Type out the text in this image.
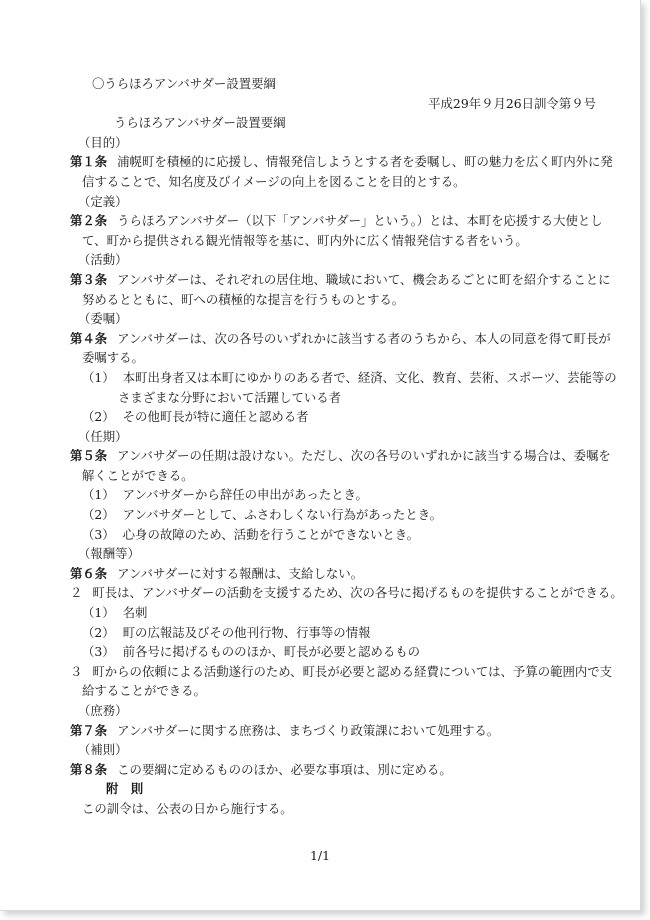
〇うらほろアンバサダー設置要綱
平成29年９月26日訓令第９号
うらほろアンバサダー設置要綱
（目的）
第１条 浦幌町を積極的に応援し、情報発信しようとする者を委嘱し、町の魅力を広く町内外に発
信することで、知名度及びイメージの向上を図ることを目的とする。
（定義）
第２条 うらほろアンバサダー（以下「アンバサダー」という。）とは、本町を応援する大使とし
て、町から提供される観光情報等を基に、町内外に広く情報発信する者をいう。
（活動）
第３条 アンバサダーは、それぞれの居住地、職域において、機会あるごとに町を紹介することに
努めるとともに、町への積極的な提言を行うものとする。
（委嘱）
第４条 アンバサダーは、次の各号のいずれかに該当する者のうちから、本人の同意を得て町長が
委嘱する。
（1） 本町出身者又は本町にゆかりのある者で、経済、文化、教育、芸術、スポーツ、芸能等の
さまざまな分野において活躍している者
（2） その他町長が特に適任と認める者
（任期）
第５条 アンバサダーの任期は設けない。ただし、次の各号のいずれかに該当する場合は、委嘱を
解くことができる。
（1） アンバサダーから辞任の申出があったとき。
（2） アンバサダーとして、ふさわしくない行為があったとき。
（3） 心身の故障のため、活動を行うことができないとき。
（報酬等）
第６条 アンバサダーに対する報酬は、支給しない。
２ 町長は、アンバサダーの活動を支援するため、次の各号に掲げるものを提供することができる。
（1） 名刺
（2） 町の広報誌及びその他刊行物、行事等の情報
（3） 前各号に掲げるもののほか、町長が必要と認めるもの
３ 町からの依頼による活動遂行のため、町長が必要と認める経費については、予算の範囲内で支
給することができる。
（庶務）
第７条 アンバサダーに関する庶務は、まちづくり政策課において処理する。
（補則）
第８条 この要綱に定めるもののほか、必要な事項は、別に定める。
附　則
この訓令は、公表の日から施行する。
1/1
